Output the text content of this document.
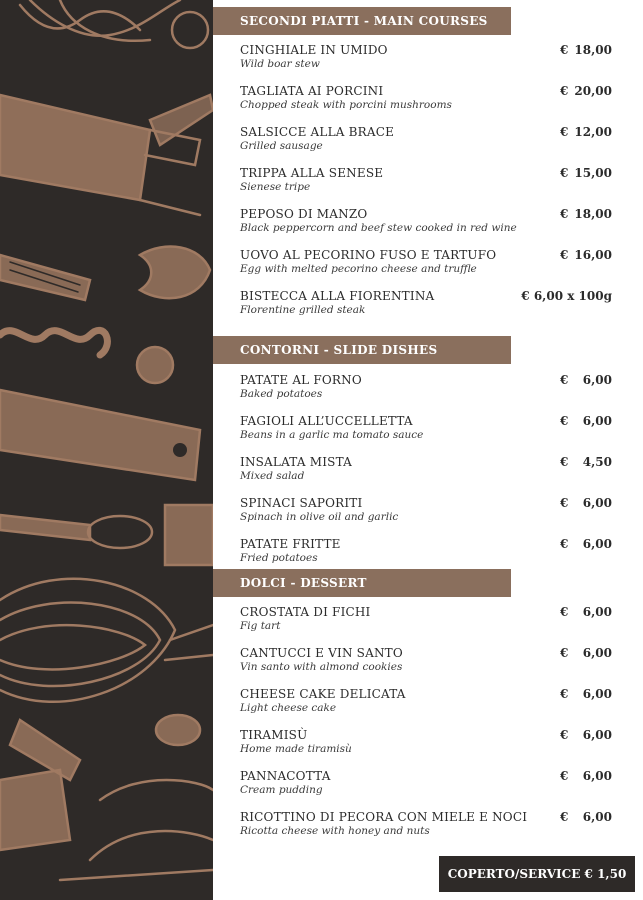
SECONDI PIATTI - MAIN COURSES
CINGHIALE IN UMIDO
Wild boar stew
€ 18,00
TAGLIATA AI PORCINI
Chopped steak with porcini mushrooms
€ 20,00
SALSICCE ALLA BRACE
Grilled sausage
€ 12,00
TRIPPA ALLA SENESE
Sienese tripe
€ 15,00
PEPOSO DI MANZO
Black peppercorn and beef stew cooked in red wine
€ 18,00
UOVO AL PECORINO FUSO E TARTUFO
Egg with melted pecorino cheese and truffle
€ 16,00
BISTECCA ALLA FIORENTINA
Florentine grilled steak
€
6,00 x 100g
CONTORNI - SLIDE DISHES
PATATE AL FORNO
Baked potatoes
€ 6,00
FAGIOLI ALL’UCCELLETTA
Beans in a garlic ma tomato sauce
€ 6,00
INSALATA MISTA
Mixed salad
€ 4,50
SPINACI SAPORITI
Spinach in olive oil and garlic
€ 6,00
PATATE FRITTE
Fried potatoes
€ 6,00
DOLCI - DESSERT
CROSTATA DI FICHI
Fig tart
€ 6,00
CANTUCCI E VIN SANTO
Vin santo with almond cookies
€ 6,00
CHEESE CAKE DELICATA
Light cheese cake
€ 6,00
TIRAMISÙ
Home made tiramisù
€ 6,00
PANNACOTTA
Cream pudding
€ 6,00
RICOTTINO DI PECORA CON MIELE E NOCI
Ricotta cheese with honey and nuts
€ 6,00
COPERTO/SERVICE € 1,50
